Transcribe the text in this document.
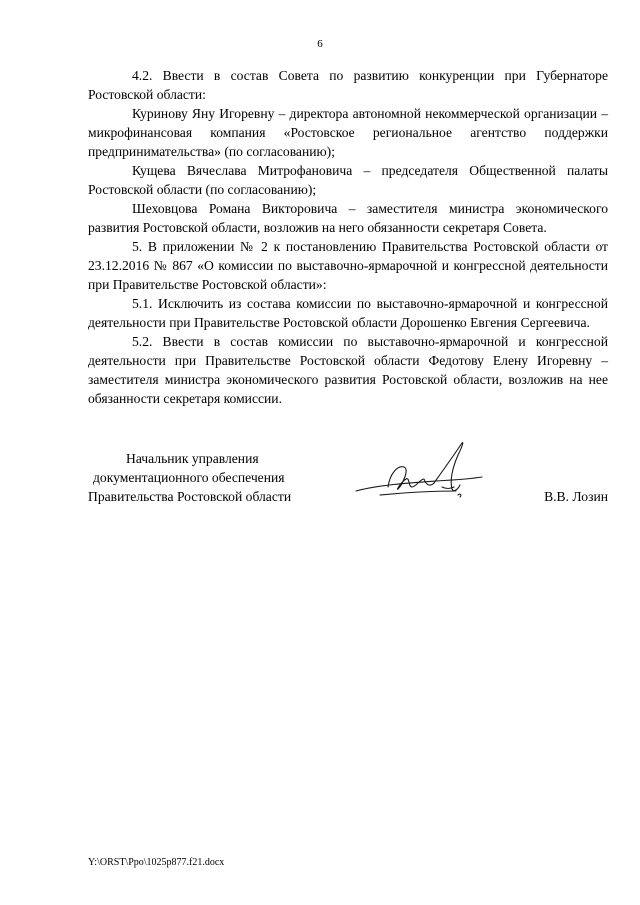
6

4.2. Ввести в состав Совета по развитию конкуренции при Губернаторе Ростовской области:

Куринову Яну Игоревну – директора автономной некоммерческой организации – микрофинансовая компания «Ростовское региональное агентство поддержки предпринимательства» (по согласованию);

Кущева Вячеслава Митрофановича – председателя Общественной палаты Ростовской области (по согласованию);

Шеховцова Романа Викторовича – заместителя министра экономического развития Ростовской области, возложив на него обязанности секретаря Совета.

5. В приложении № 2 к постановлению Правительства Ростовской области от 23.12.2016 № 867 «О комиссии по выставочно-ярмарочной и конгрессной деятельности при Правительстве Ростовской области»:

5.1. Исключить из состава комиссии по выставочно-ярмарочной и конгрессной деятельности при Правительстве Ростовской области Дорошенко Евгения Сергеевича.

5.2. Ввести в состав комиссии по выставочно-ярмарочной и конгрессной деятельности при Правительстве Ростовской области Федотову Елену Игоревну – заместителя министра экономического развития Ростовской области, возложив на нее обязанности секретаря комиссии.

Начальник управления
документационного обеспечения
Правительства Ростовской области	В.В. Лозин
Y:\ORST\Ppo\1025p877.f21.docx
